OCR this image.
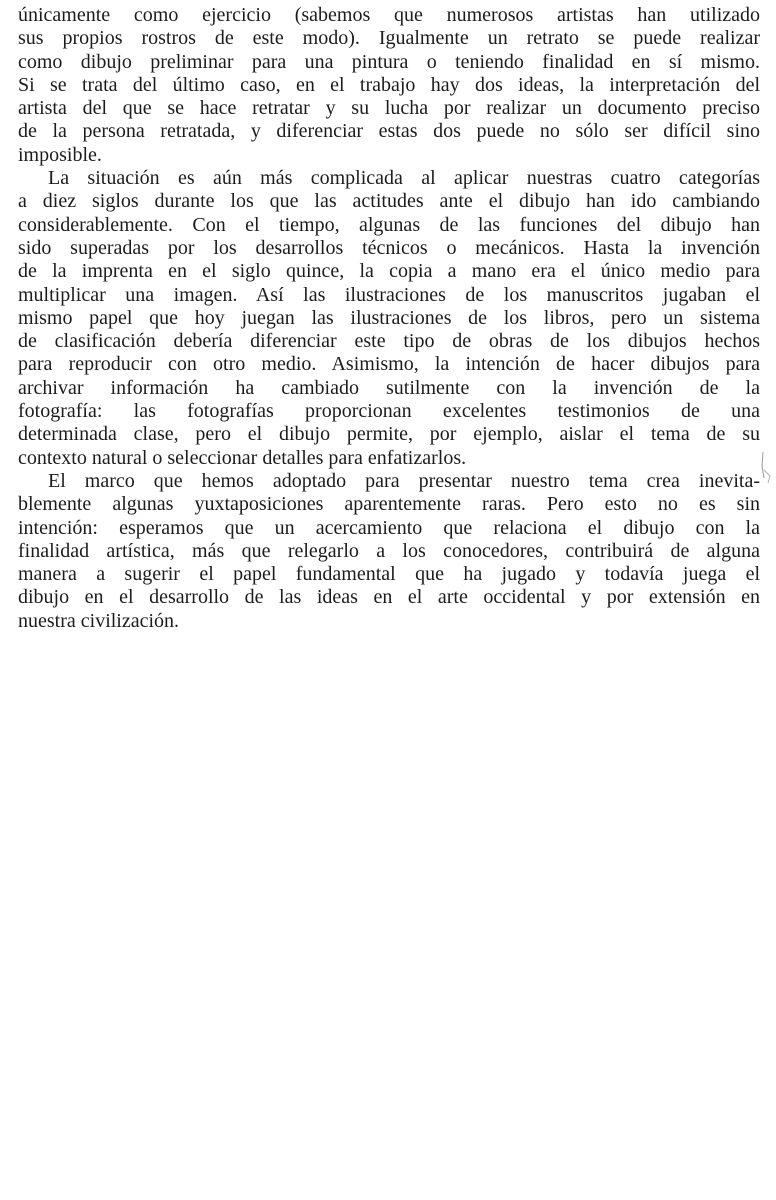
únicamente como ejercicio (sabemos que numerosos artistas han utilizado
sus propios rostros de este modo). Igualmente un retrato se puede realizar
como dibujo preliminar para una pintura o teniendo finalidad en sí mismo.
Si se trata del último caso, en el trabajo hay dos ideas, la interpretación del
artista del que se hace retratar y su lucha por realizar un documento preciso
de la persona retratada, y diferenciar estas dos puede no sólo ser difícil sino
imposible.
La situación es aún más complicada al aplicar nuestras cuatro categorías
a diez siglos durante los que las actitudes ante el dibujo han ido cambiando
considerablemente. Con el tiempo, algunas de las funciones del dibujo han
sido superadas por los desarrollos técnicos o mecánicos. Hasta la invención
de la imprenta en el siglo quince, la copia a mano era el único medio para
multiplicar una imagen. Así las ilustraciones de los manuscritos jugaban el
mismo papel que hoy juegan las ilustraciones de los libros, pero un sistema
de clasificación debería diferenciar este tipo de obras de los dibujos hechos
para reproducir con otro medio. Asimismo, la intención de hacer dibujos para
archivar información ha cambiado sutilmente con la invención de la
fotografía: las fotografías proporcionan excelentes testimonios de una
determinada clase, pero el dibujo permite, por ejemplo, aislar el tema de su
contexto natural o seleccionar detalles para enfatizarlos.
El marco que hemos adoptado para presentar nuestro tema crea inevita-
blemente algunas yuxtaposiciones aparentemente raras. Pero esto no es sin
intención: esperamos que un acercamiento que relaciona el dibujo con la
finalidad artística, más que relegarlo a los conocedores, contribuirá de alguna
manera a sugerir el papel fundamental que ha jugado y todavía juega el
dibujo en el desarrollo de las ideas en el arte occidental y por extensión en
nuestra civilización.
